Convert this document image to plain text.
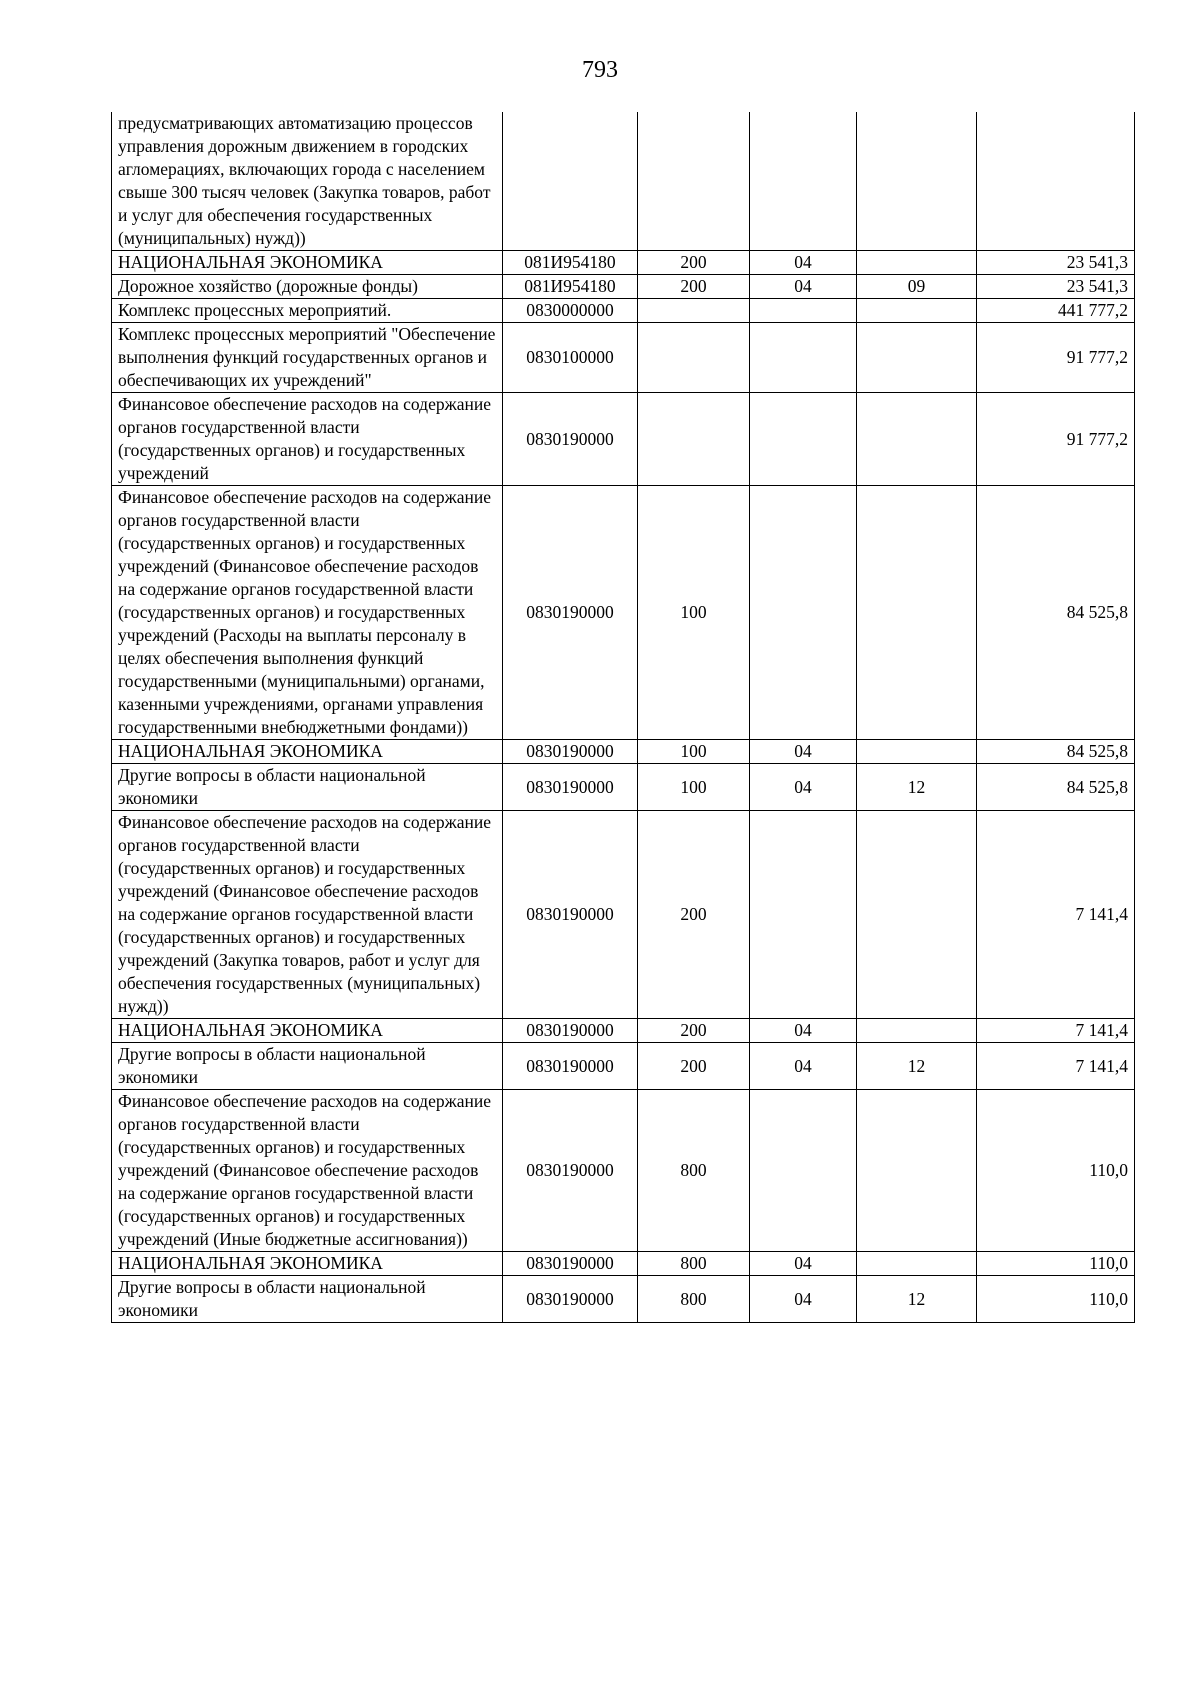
793
предусматривающих автоматизацию процессов управления дорожным движением в городских агломерациях, включающих города с населением свыше 300 тысяч человек (Закупка товаров, работ и услуг для обеспечения государственных (муниципальных) нужд))					
НАЦИОНАЛЬНАЯ ЭКОНОМИКА	081И954180	200	04		23 541,3
Дорожное хозяйство (дорожные фонды)	081И954180	200	04	09	23 541,3
Комплекс процессных мероприятий.	0830000000				441 777,2
Комплекс процессных мероприятий "Обеспечение выполнения функций государственных органов и обеспечивающих их учреждений"	0830100000				91 777,2
Финансовое обеспечение расходов на содержание органов государственной власти (государственных органов) и государственных учреждений	0830190000				91 777,2
Финансовое обеспечение расходов на содержание органов государственной власти (государственных органов) и государственных учреждений (Финансовое обеспечение расходов на содержание органов государственной власти (государственных органов) и государственных учреждений (Расходы на выплаты персоналу в целях обеспечения выполнения функций государственными (муниципальными) органами, казенными учреждениями, органами управления государственными внебюджетными фондами))	0830190000	100			84 525,8
НАЦИОНАЛЬНАЯ ЭКОНОМИКА	0830190000	100	04		84 525,8
Другие вопросы в области национальной экономики	0830190000	100	04	12	84 525,8
Финансовое обеспечение расходов на содержание органов государственной власти (государственных органов) и государственных учреждений (Финансовое обеспечение расходов на содержание органов государственной власти (государственных органов) и государственных учреждений (Закупка товаров, работ и услуг для обеспечения государственных (муниципальных) нужд))	0830190000	200			7 141,4
НАЦИОНАЛЬНАЯ ЭКОНОМИКА	0830190000	200	04		7 141,4
Другие вопросы в области национальной экономики	0830190000	200	04	12	7 141,4
Финансовое обеспечение расходов на содержание органов государственной власти (государственных органов) и государственных учреждений (Финансовое обеспечение расходов на содержание органов государственной власти (государственных органов) и государственных учреждений (Иные бюджетные ассигнования))	0830190000	800			110,0
НАЦИОНАЛЬНАЯ ЭКОНОМИКА	0830190000	800	04		110,0
Другие вопросы в области национальной экономики	0830190000	800	04	12	110,0
